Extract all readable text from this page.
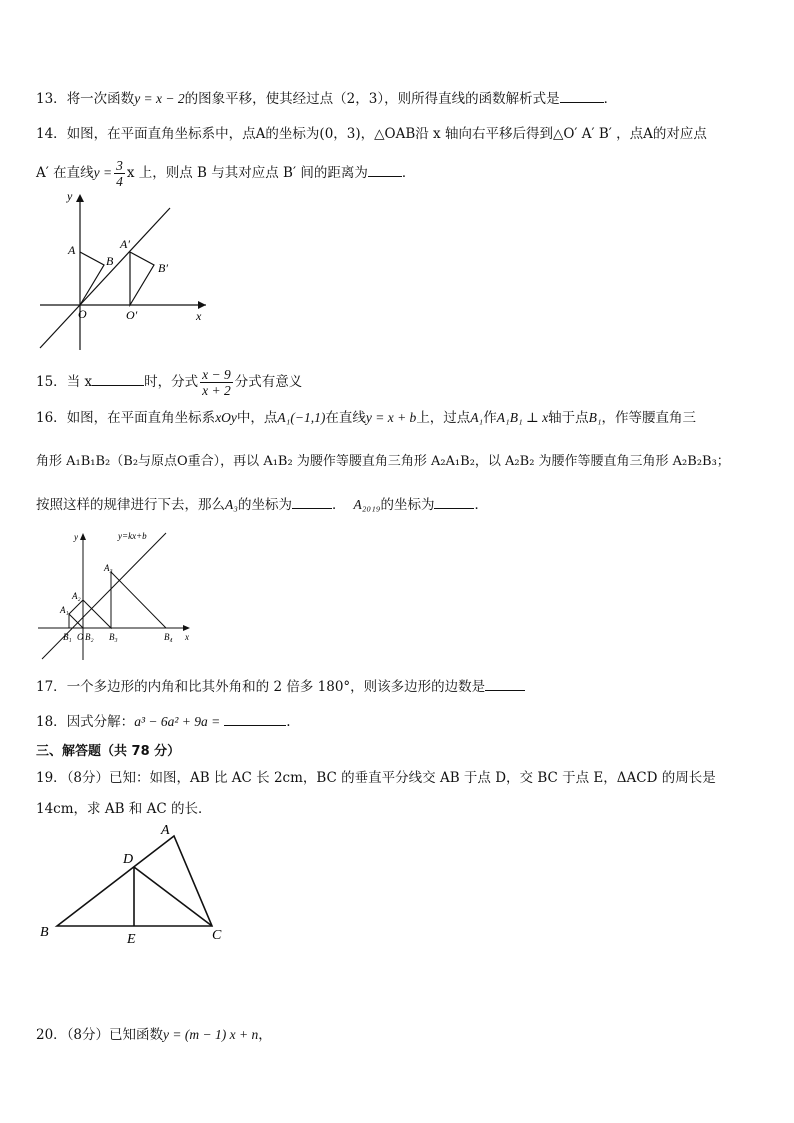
13．将一次函数y = x − 2的图象平移，使其经过点（2，3），则所得直线的函数解析式是	．
14．如图，在平面直角坐标系中，点A的坐标为(0，3)，△OAB沿 x 轴向右平移后得到△O′ A′ B′ ，点A的对应点
A′ 在直线$y = \frac{3}{4}$ x 上，则点 B 与其对应点 B′ 间的距离为	．
y
x
A
B
A′
B′
O	O′
15．当 x	时，分式 $\frac{x - 9}{x + 2}$ 分式有意义
16．如图，在平面直角坐标系xOy中，点A₁(−1,1)在直线y = x + b上，过点A₁作A₁B₁ ⊥ x轴于点B₁，作等腰直角三
角形 A₁B₁B₂（B₂与原点O重合），再以 A₁B₂ 为腰作等腰直角三角形 A₂A₁B₂，以 A₂B₂ 为腰作等腰直角三角形 A₂B₂B₃；
按照这样的规律进行下去，那么A₃的坐标为	． A₂₀₁₉的坐标为	．
y	y=kx+b
A₃
A₂
A₁
B₁ O B₂ B₃	B₄ x
17．一个多边形的内角和比其外角和的 2 倍多 180°，则该多边形的边数是
18．因式分解：a³ − 6a² + 9a =	.
三、解答题（共 78 分）
19．（8分）已知：如图，AB 比 AC 长 2cm，BC 的垂直平分线交 AB 于点 D，交 BC 于点 E，ΔACD 的周长是
14cm，求 AB 和 AC 的长．
A
D
B	E	C
20．（8分）已知函数y = (m − 1) x + n，
